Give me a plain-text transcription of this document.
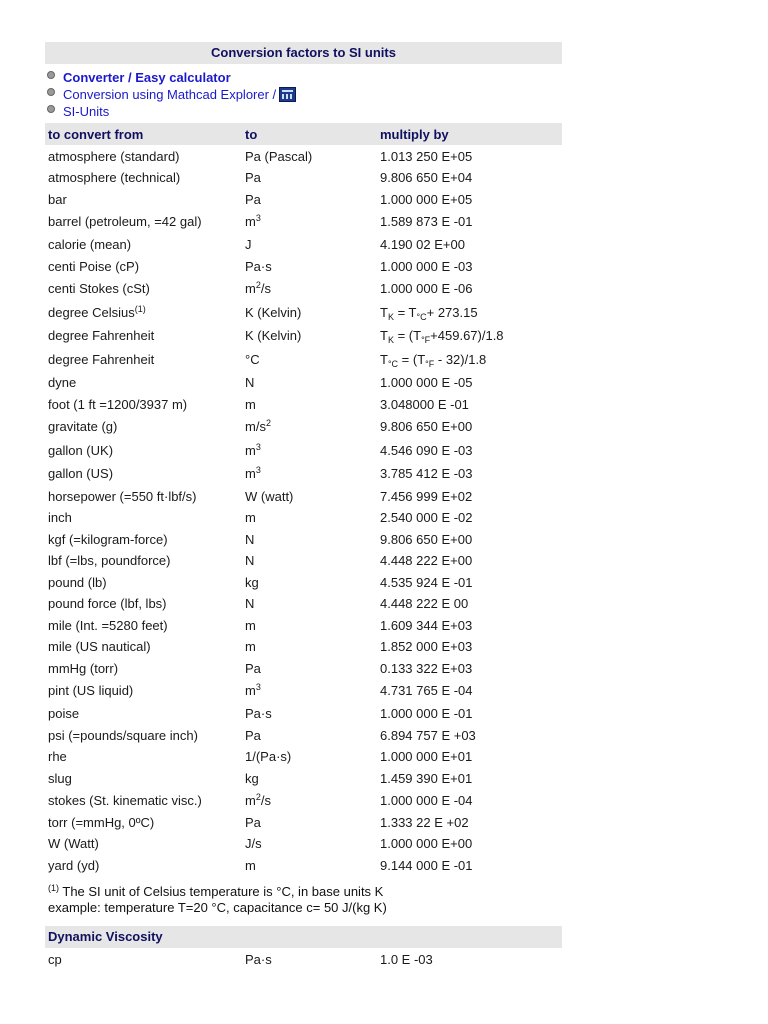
Conversion factors to SI units
Converter / Easy calculator
Conversion using Mathcad Explorer /
SI-Units
to convert from	to	multiply by
atmosphere (standard)	Pa (Pascal)	1.013 250 E+05
atmosphere (technical)	Pa	9.806 650 E+04
bar	Pa	1.000 000 E+05
barrel (petroleum, =42 gal)	$m^3$	1.589 873 E -01
calorie (mean)	J	4.190 02 E+00
centi Poise (cP)	Pa·s	1.000 000 E -03
centi Stokes (cSt)	$m^2/s$	1.000 000 E -06
degree Celsius$^{(1)}$	K (Kelvin)	$T_K = T_{^\circ C}+ 273.15$
degree Fahrenheit	K (Kelvin)	$T_K = (T_{^\circ F}+459.67)/1.8$
degree Fahrenheit	°C	$T_{^\circ C} = (T_{^\circ F} - 32)/1.8$
dyne	N	1.000 000 E -05
foot (1 ft =1200/3937 m)	m	3.048000 E -01
gravitate (g)	$m/s^2$	9.806 650 E+00
gallon (UK)	$m^3$	4.546 090 E -03
gallon (US)	$m^3$	3.785 412 E -03
horsepower (=550 ft·lbf/s)	W (watt)	7.456 999 E+02
inch	m	2.540 000 E -02
kgf (=kilogram-force)	N	9.806 650 E+00
lbf (=lbs, poundforce)	N	4.448 222 E+00
pound (lb)	kg	4.535 924 E -01
pound force (lbf, lbs)	N	4.448 222 E 00
mile (Int. =5280 feet)	m	1.609 344 E+03
mile (US nautical)	m	1.852 000 E+03
mmHg (torr)	Pa	0.133 322 E+03
pint (US liquid)	$m^3$	4.731 765 E -04
poise	Pa·s	1.000 000 E -01
psi (=pounds/square inch)	Pa	6.894 757 E +03
rhe	1/(Pa·s)	1.000 000 E+01
slug	kg	1.459 390 E+01
stokes (St. kinematic visc.)	$m^2/s$	1.000 000 E -04
torr (=mmHg, 0ºC)	Pa	1.333 22 E +02
W (Watt)	J/s	1.000 000 E+00
yard (yd)	m	9.144 000 E -01
$^{(1)}$ The SI unit of Celsius temperature is °C, in base units K
example: temperature T=20 °C, capacitance c= 50 J/(kg K)
Dynamic Viscosity
cp	Pa·s	1.0 E -03
